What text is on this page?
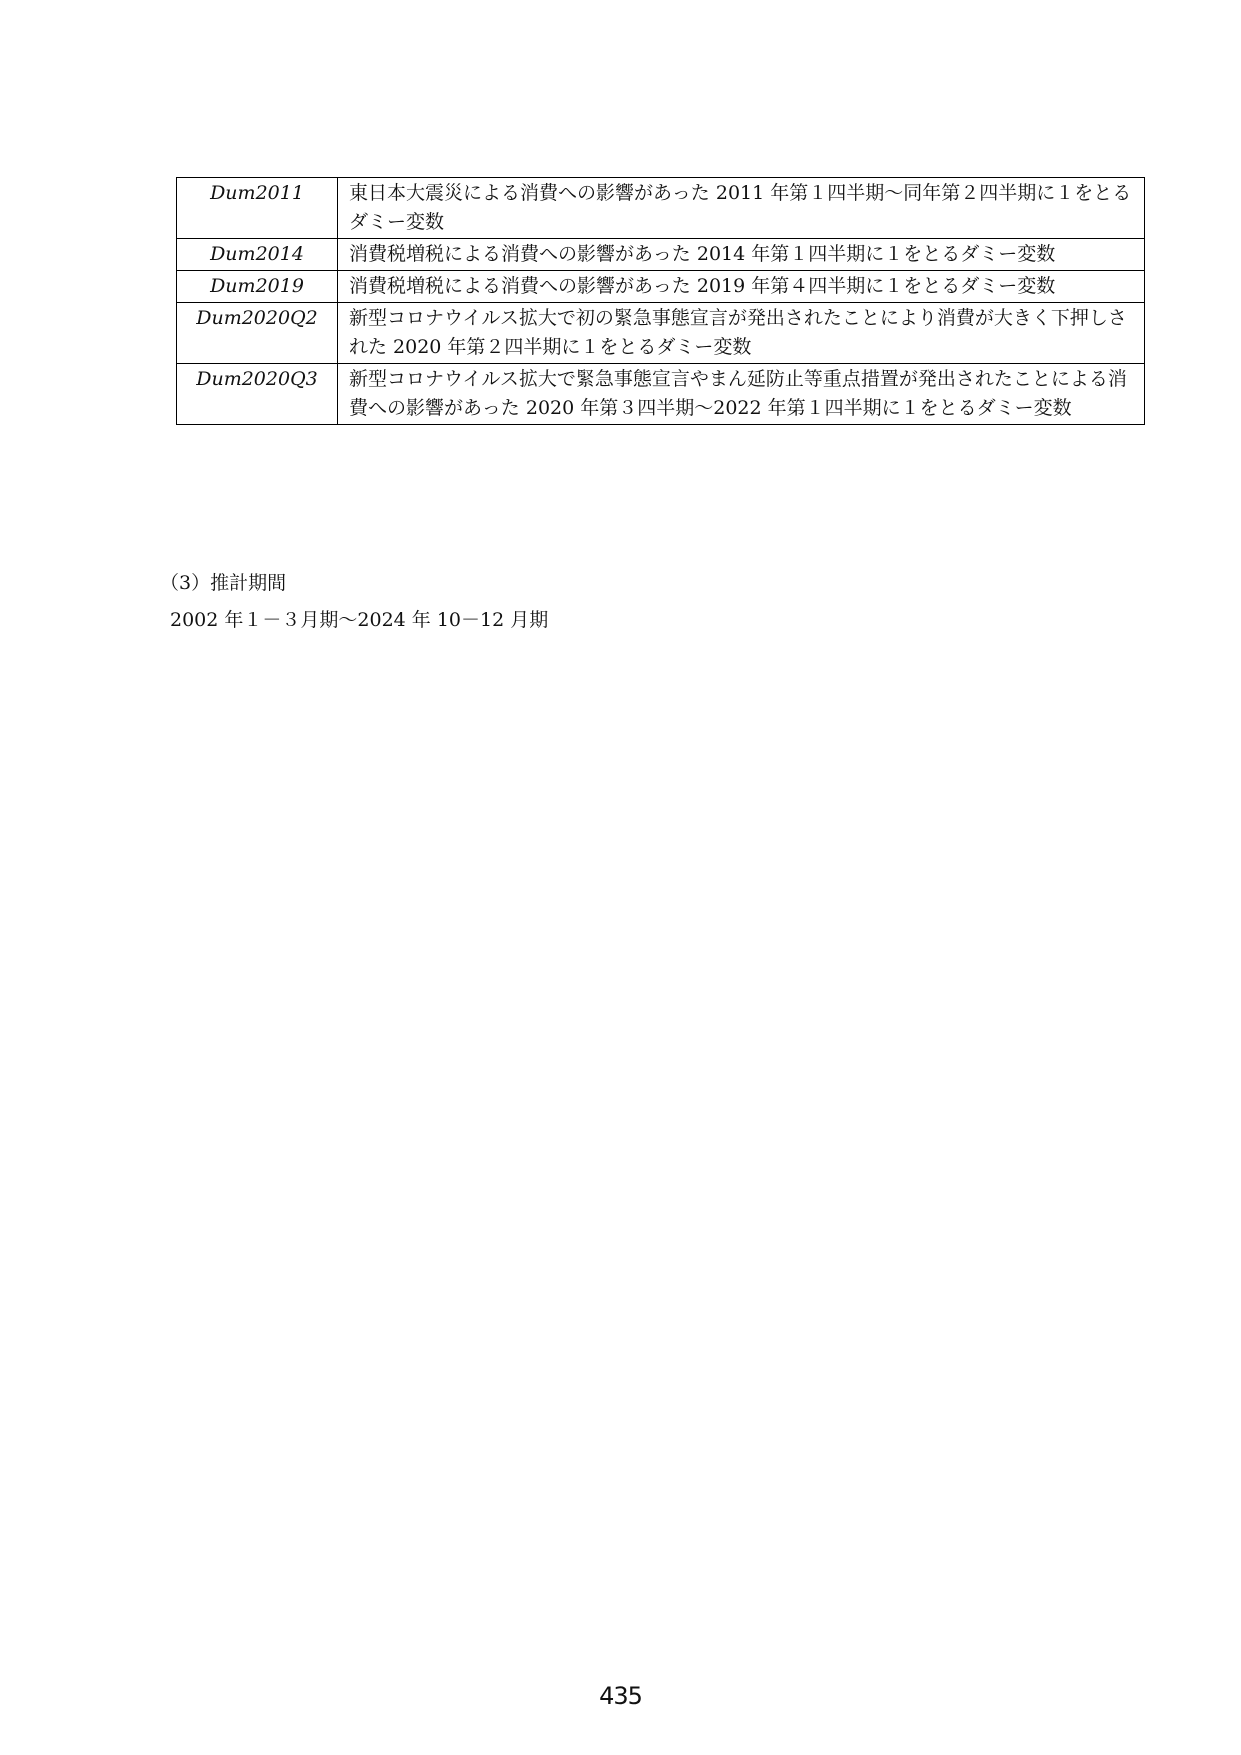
Dum2011	東日本大震災による消費への影響があった 2011 年第１四半期～同年第２四半期に１をとるダミー変数
Dum2014	消費税増税による消費への影響があった 2014 年第１四半期に１をとるダミー変数
Dum2019	消費税増税による消費への影響があった 2019 年第４四半期に１をとるダミー変数
Dum2020Q2	新型コロナウイルス拡大で初の緊急事態宣言が発出されたことにより消費が大きく下押しされた 2020 年第２四半期に１をとるダミー変数
Dum2020Q3	新型コロナウイルス拡大で緊急事態宣言やまん延防止等重点措置が発出されたことによる消費への影響があった 2020 年第３四半期～2022 年第１四半期に１をとるダミー変数
（3）推計期間
2002 年１－３月期～2024 年 10－12 月期
435
